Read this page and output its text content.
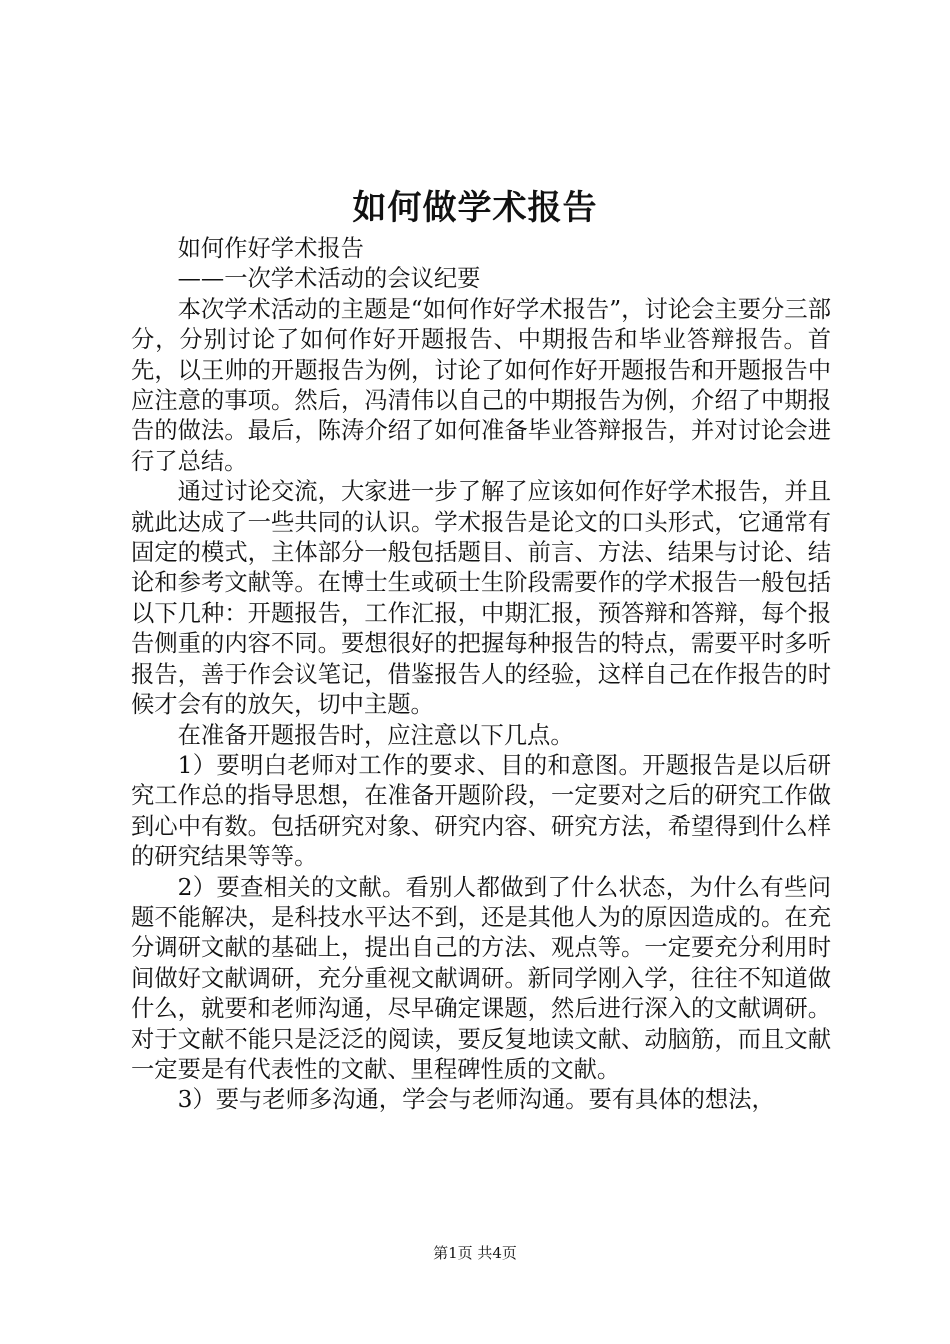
如何做学术报告

如何作好学术报告

——一次学术活动的会议纪要

本次学术活动的主题是“如何作好学术报告”，讨论会主要分三部分，分别讨论了如何作好开题报告、中期报告和毕业答辩报告。首先，以王帅的开题报告为例，讨论了如何作好开题报告和开题报告中应注意的事项。然后，冯清伟以自己的中期报告为例，介绍了中期报告的做法。最后，陈涛介绍了如何准备毕业答辩报告，并对讨论会进行了总结。

通过讨论交流，大家进一步了解了应该如何作好学术报告，并且就此达成了一些共同的认识。学术报告是论文的口头形式，它通常有固定的模式，主体部分一般包括题目、前言、方法、结果与讨论、结论和参考文献等。在博士生或硕士生阶段需要作的学术报告一般包括以下几种：开题报告，工作汇报，中期汇报，预答辩和答辩，每个报告侧重的内容不同。要想很好的把握每种报告的特点，需要平时多听报告，善于作会议笔记，借鉴报告人的经验，这样自己在作报告的时候才会有的放矢，切中主题。

在准备开题报告时，应注意以下几点。

1）要明白老师对工作的要求、目的和意图。开题报告是以后研究工作总的指导思想，在准备开题阶段，一定要对之后的研究工作做到心中有数。包括研究对象、研究内容、研究方法，希望得到什么样的研究结果等等。

2）要查相关的文献。看别人都做到了什么状态，为什么有些问题不能解决，是科技水平达不到，还是其他人为的原因造成的。在充分调研文献的基础上，提出自己的方法、观点等。一定要充分利用时间做好文献调研，充分重视文献调研。新同学刚入学，往往不知道做什么，就要和老师沟通，尽早确定课题，然后进行深入的文献调研。对于文献不能只是泛泛的阅读，要反复地读文献、动脑筋，而且文献一定要是有代表性的文献、里程碑性质的文献。

3）要与老师多沟通，学会与老师沟通。要有具体的想法，

第1页 共4页
